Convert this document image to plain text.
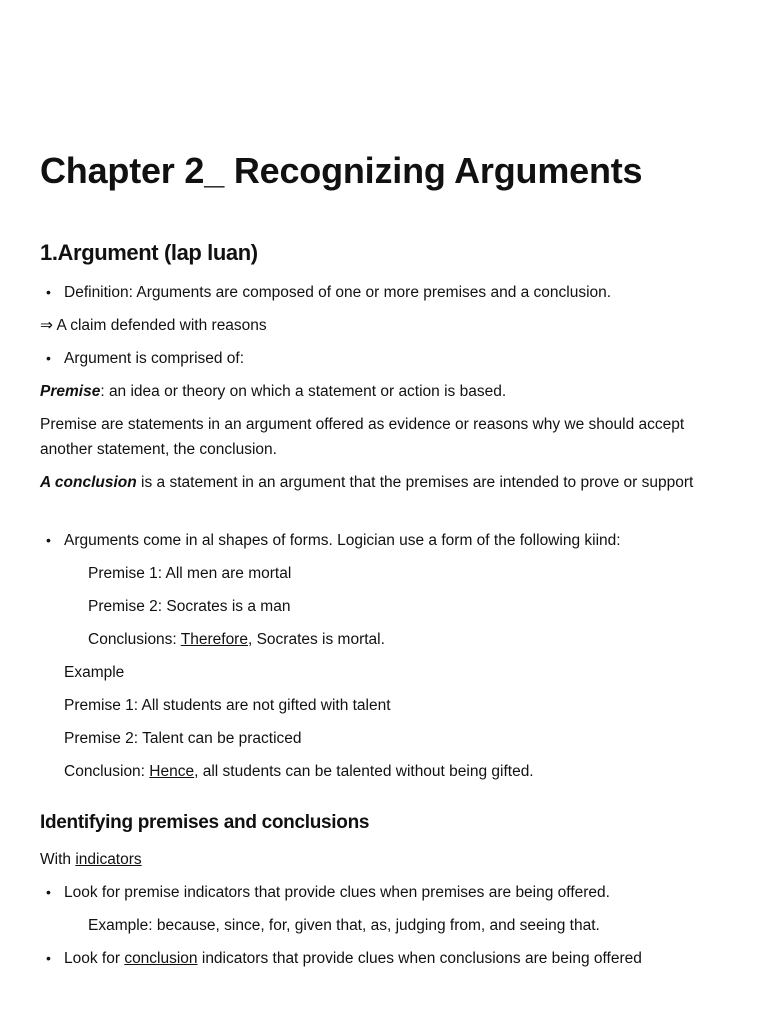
Chapter 2_ Recognizing Arguments
1.Argument (lap luan)

• Definition: Arguments are composed of one or more premises and a conclusion.

⇒ A claim defended with reasons

• Argument is comprised of:

Premise: an idea or theory on which a statement or action is based.

Premise are statements in an argument offered as evidence or reasons why we should accept another statement, the conclusion.

A conclusion is a statement in an argument that the premises are intended to prove or support

• Arguments come in al shapes of forms. Logician use a form of the following kiind:

Premise 1: All men are mortal

Premise 2: Socrates is a man

Conclusions: Therefore, Socrates is mortal.

Example

Premise 1: All students are not gifted with talent

Premise 2: Talent can be practiced

Conclusion: Hence, all students can be talented without being gifted.

Identifying premises and conclusions

With indicators

• Look for premise indicators that provide clues when premises are being offered.

Example: because, since, for, given that, as, judging from, and seeing that.

• Look for conclusion indicators that provide clues when conclusions are being offered
